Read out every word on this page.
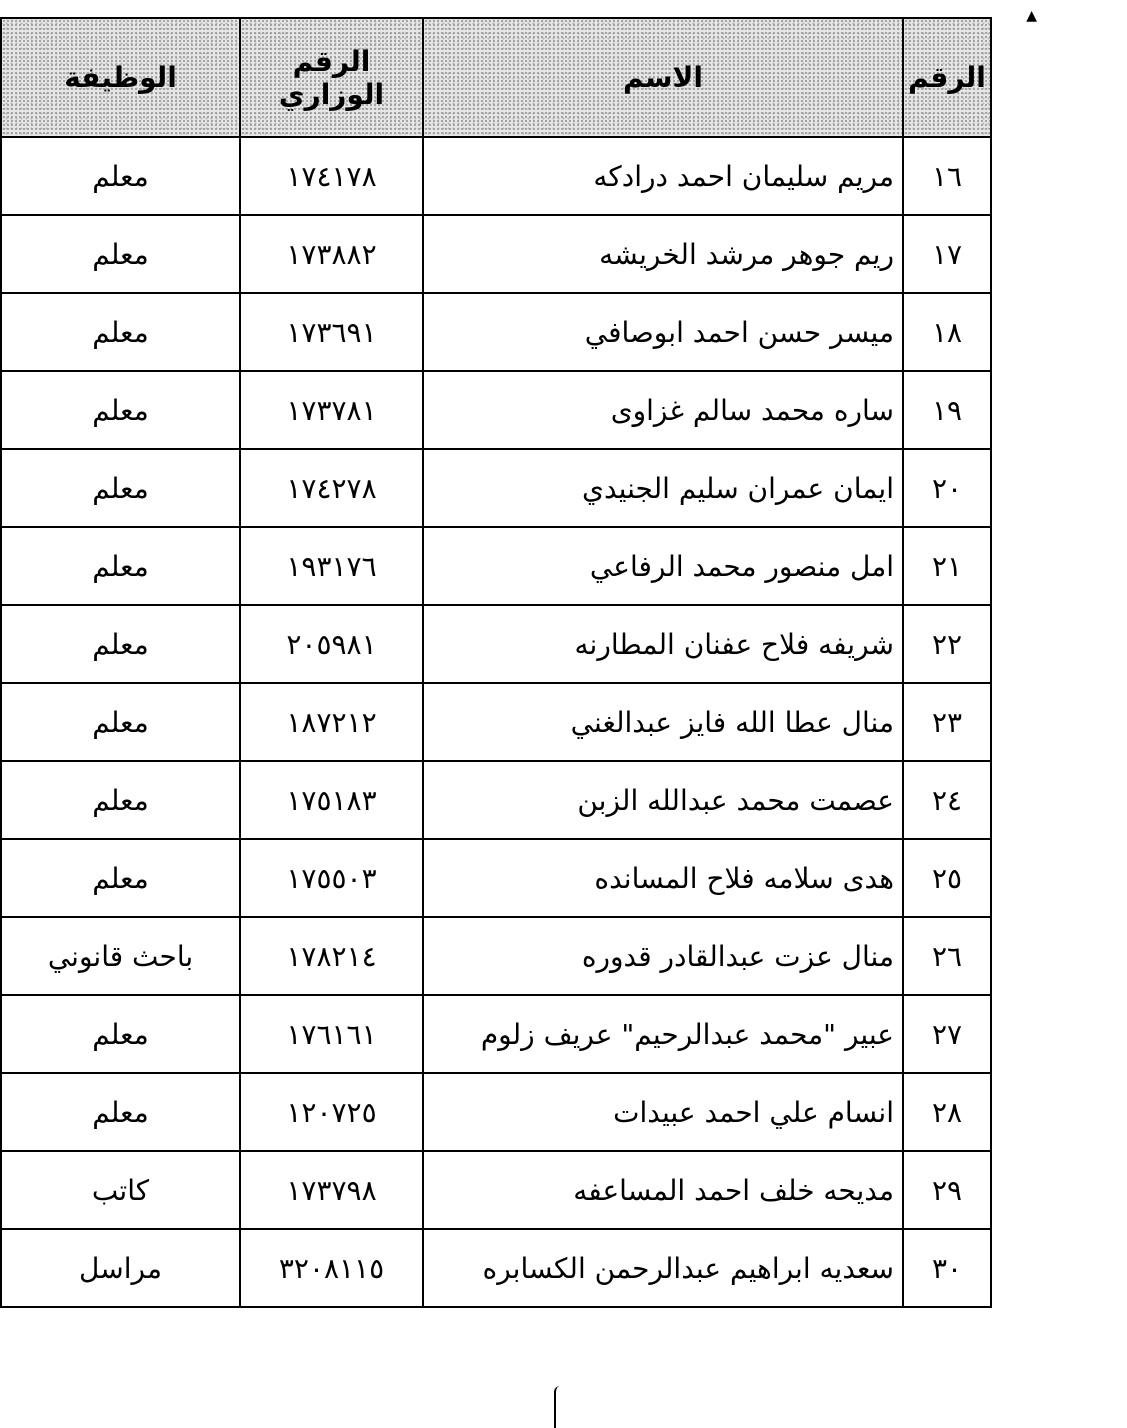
▲
الرقم	الاسم	الرقم الوزاري	الوظيفة
١٦	مريم سليمان احمد درادكه	١٧٤١٧٨	معلم
١٧	ريم جوهر مرشد الخريشه	١٧٣٨٨٢	معلم
١٨	ميسر حسن احمد ابوصافي	١٧٣٦٩١	معلم
١٩	ساره محمد سالم غزاوى	١٧٣٧٨١	معلم
٢٠	ايمان عمران سليم الجنيدي	١٧٤٢٧٨	معلم
٢١	امل منصور محمد الرفاعي	١٩٣١٧٦	معلم
٢٢	شريفه فلاح عفنان المطارنه	٢٠٥٩٨١	معلم
٢٣	منال عطا الله فايز عبدالغني	١٨٧٢١٢	معلم
٢٤	عصمت محمد عبدالله الزبن	١٧٥١٨٣	معلم
٢٥	هدى سلامه فلاح المسانده	١٧٥٥٠٣	معلم
٢٦	منال عزت عبدالقادر قدوره	١٧٨٢١٤	باحث قانوني
٢٧	عبير "محمد عبدالرحيم" عريف زلوم	١٧٦١٦١	معلم
٢٨	انسام علي احمد عبيدات	١٢٠٧٢٥	معلم
٢٩	مديحه خلف احمد المساعفه	١٧٣٧٩٨	كاتب
٣٠	سعديه ابراهيم عبدالرحمن الكسابره	٣٢٠٨١١٥	مراسل
